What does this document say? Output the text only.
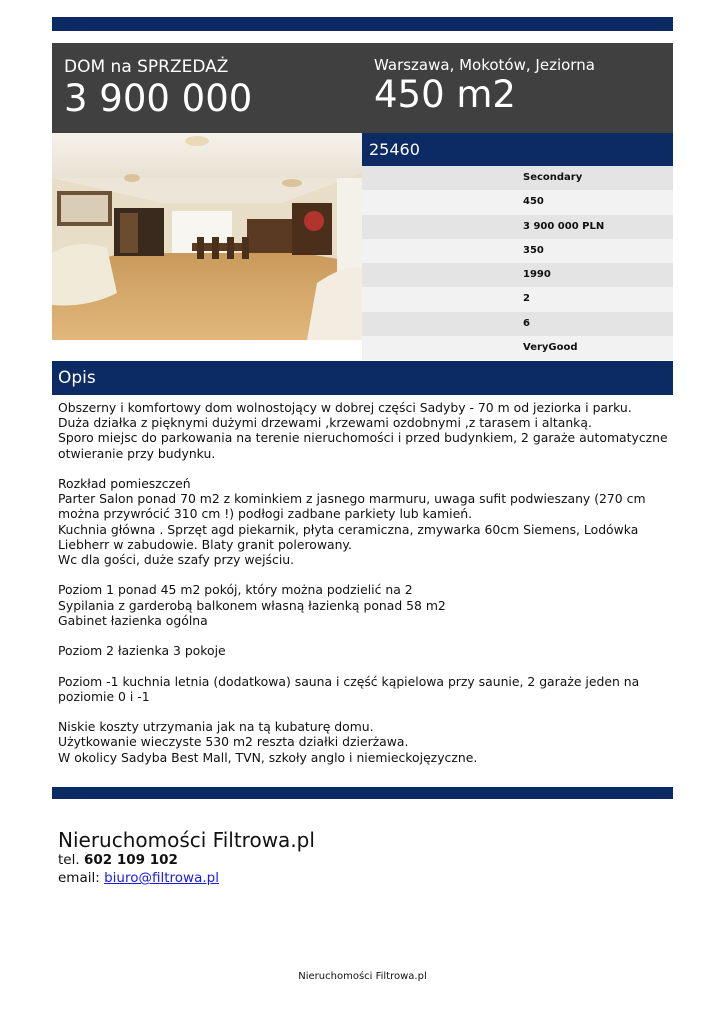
DOM na SPRZEDAŻ
3 900 000
Warszawa, Mokotów, Jeziorna
450 m2
25460
Secondary
450
3 900 000 PLN
350
1990
2
6
VeryGood
Opis

Obszerny i komfortowy dom wolnostojący w dobrej części Sadyby - 70 m od jeziorka i parku.

Duża działka z pięknymi dużymi drzewami ,krzewami ozdobnymi ,z tarasem i altanką.

Sporo miejsc do parkowania na terenie nieruchomości i przed budynkiem, 2 garaże automatyczne

otwieranie przy budynku.

Rozkład pomieszczeń

Parter Salon ponad 70 m2 z kominkiem z jasnego marmuru, uwaga sufit podwieszany (270 cm

można przywrócić 310 cm !) podłogi zadbane parkiety lub kamień.

Kuchnia główna . Sprzęt agd piekarnik, płyta ceramiczna, zmywarka 60cm Siemens, Lodówka

Liebherr w zabudowie. Blaty granit polerowany.

Wc dla gości, duże szafy przy wejściu.

Poziom 1 ponad 45 m2 pokój, który można podzielić na 2

Sypilania z garderobą balkonem własną łazienką ponad 58 m2

Gabinet łazienka ogólna

Poziom 2 łazienka 3 pokoje

Poziom -1 kuchnia letnia (dodatkowa) sauna i część kąpielowa przy saunie, 2 garaże jeden na

poziomie 0 i -1

Niskie koszty utrzymania jak na tą kubaturę domu.

Użytkowanie wieczyste 530 m2 reszta działki dzierżawa.

W okolicy Sadyba Best Mall, TVN, szkoły anglo i niemieckojęzyczne.

Nieruchomości Filtrowa.pl
tel. 602 109 102
email: biuro@filtrowa.pl
Nieruchomości Filtrowa.pl
